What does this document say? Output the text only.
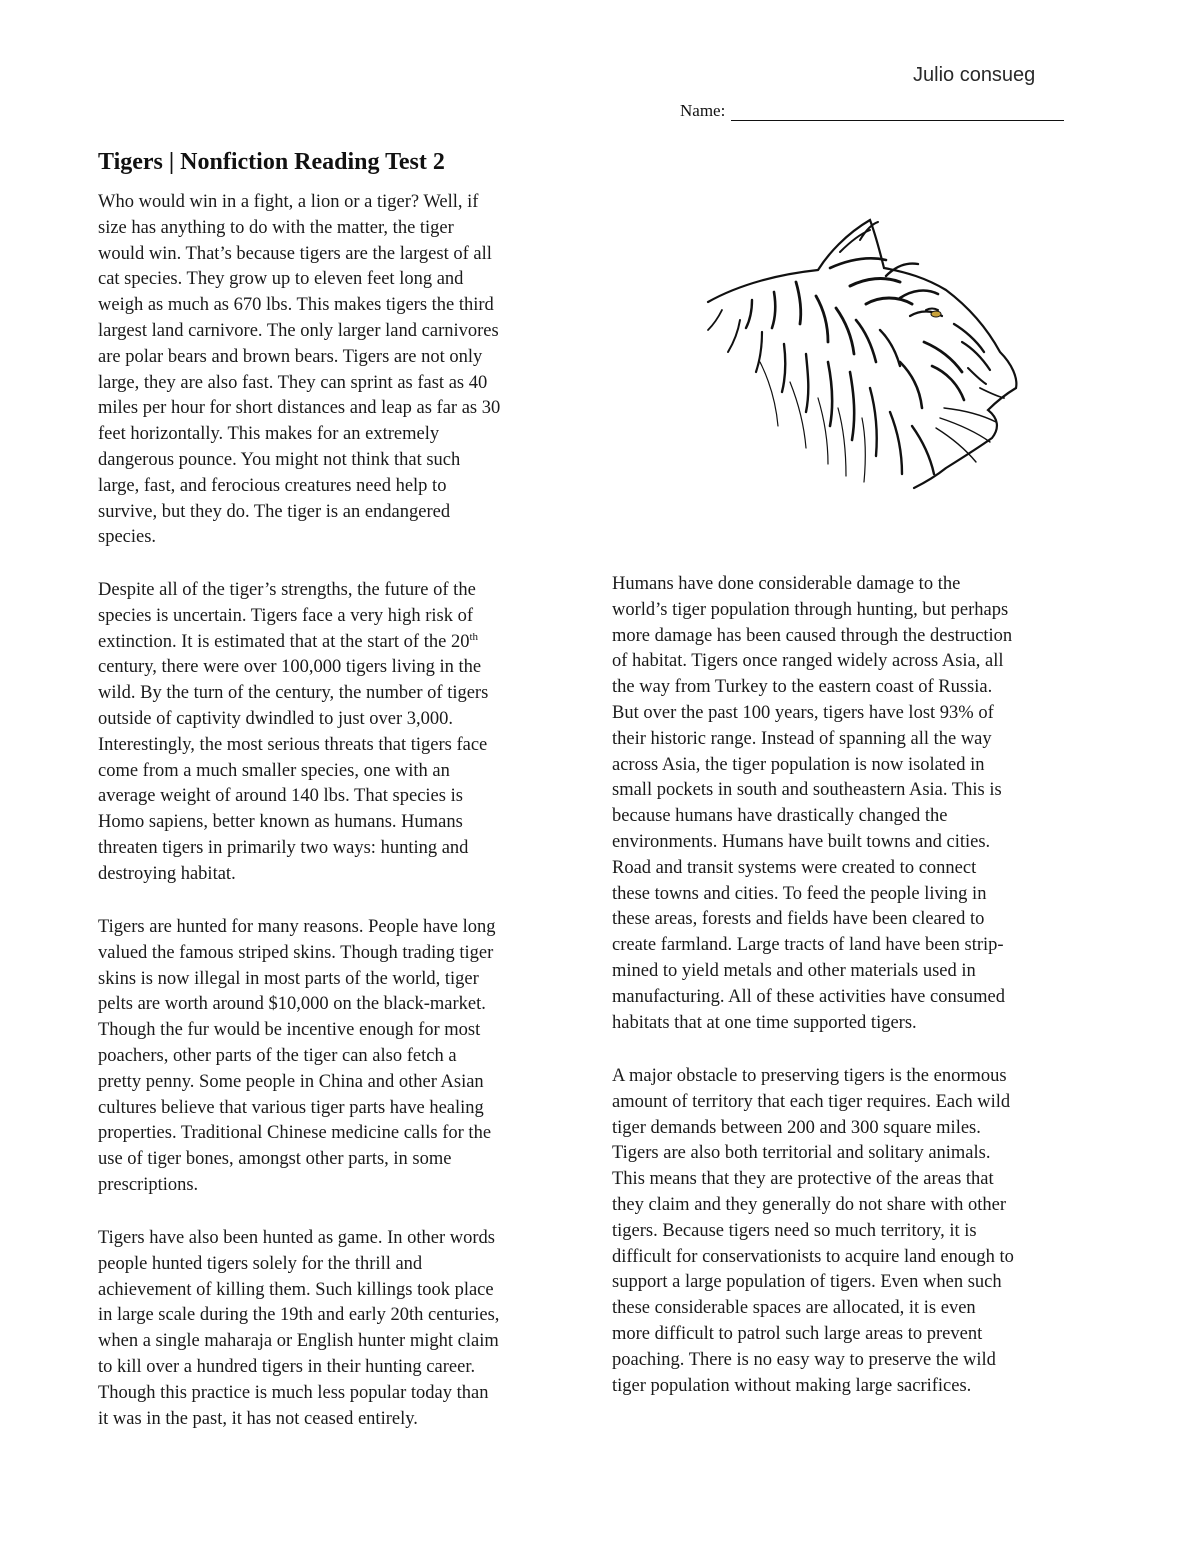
Julio consueg
Name:
Tigers | Nonfiction Reading Test 2

Who would win in a fight, a lion or a tiger? Well, if
size has anything to do with the matter, the tiger
would win. That’s because tigers are the largest of all
cat species. They grow up to eleven feet long and
weigh as much as 670 lbs. This makes tigers the third
largest land carnivore. The only larger land carnivores
are polar bears and brown bears. Tigers are not only
large, they are also fast. They can sprint as fast as 40
miles per hour for short distances and leap as far as 30
feet horizontally. This makes for an extremely
dangerous pounce. You might not think that such
large, fast, and ferocious creatures need help to
survive, but they do. The tiger is an endangered
species.

Despite all of the tiger’s strengths, the future of the
species is uncertain. Tigers face a very high risk of
extinction. It is estimated that at the start of the 20th
century, there were over 100,000 tigers living in the
wild. By the turn of the century, the number of tigers
outside of captivity dwindled to just over 3,000.
Interestingly, the most serious threats that tigers face
come from a much smaller species, one with an
average weight of around 140 lbs. That species is
Homo sapiens, better known as humans. Humans
threaten tigers in primarily two ways: hunting and
destroying habitat.

Tigers are hunted for many reasons. People have long
valued the famous striped skins. Though trading tiger
skins is now illegal in most parts of the world, tiger
pelts are worth around $10,000 on the black-market.
Though the fur would be incentive enough for most
poachers, other parts of the tiger can also fetch a
pretty penny. Some people in China and other Asian
cultures believe that various tiger parts have healing
properties. Traditional Chinese medicine calls for the
use of tiger bones, amongst other parts, in some
prescriptions.

Tigers have also been hunted as game. In other words
people hunted tigers solely for the thrill and
achievement of killing them. Such killings took place
in large scale during the 19th and early 20th centuries,
when a single maharaja or English hunter might claim
to kill over a hundred tigers in their hunting career.
Though this practice is much less popular today than
it was in the past, it has not ceased entirely.

Humans have done considerable damage to the
world’s tiger population through hunting, but perhaps
more damage has been caused through the destruction
of habitat. Tigers once ranged widely across Asia, all
the way from Turkey to the eastern coast of Russia.
But over the past 100 years, tigers have lost 93% of
their historic range. Instead of spanning all the way
across Asia, the tiger population is now isolated in
small pockets in south and southeastern Asia. This is
because humans have drastically changed the
environments. Humans have built towns and cities.
Road and transit systems were created to connect
these towns and cities. To feed the people living in
these areas, forests and fields have been cleared to
create farmland. Large tracts of land have been strip-
mined to yield metals and other materials used in
manufacturing. All of these activities have consumed
habitats that at one time supported tigers.

A major obstacle to preserving tigers is the enormous
amount of territory that each tiger requires. Each wild
tiger demands between 200 and 300 square miles.
Tigers are also both territorial and solitary animals.
This means that they are protective of the areas that
they claim and they generally do not share with other
tigers. Because tigers need so much territory, it is
difficult for conservationists to acquire land enough to
support a large population of tigers. Even when such
these considerable spaces are allocated, it is even
more difficult to patrol such large areas to prevent
poaching. There is no easy way to preserve the wild
tiger population without making large sacrifices.
